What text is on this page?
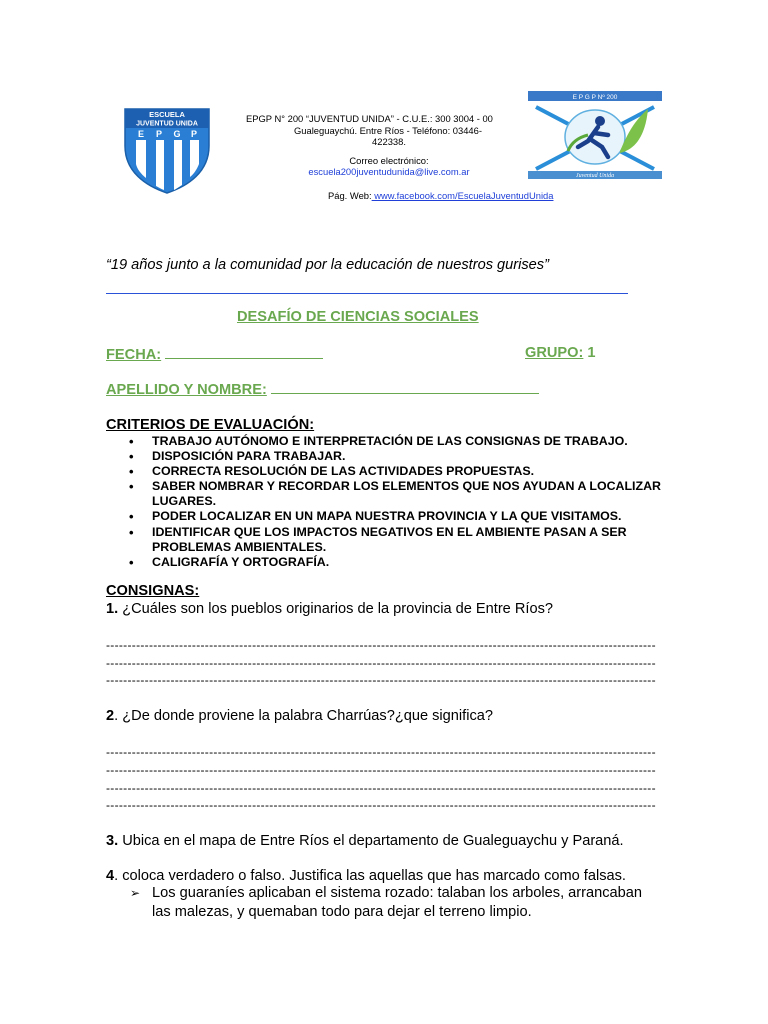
ESCUELA
JUVENTUD UNIDA
E P G P
EPGP N° 200 “JUVENTUD UNIDA” - C.U.E.: 300 3004 - 00
Gualeguaychú. Entre Ríos - Teléfono: 03446-
422338.
Correo electrónico:
escuela200juventudunida@live.com.ar
Pág. Web: www.facebook.com/EscuelaJuventudUnida
E P G P Nº 200
Juventud Unida
“19 años junto a la comunidad por la educación de nuestros gurises”
DESAFÍO DE CIENCIAS SOCIALES
FECHA:	GRUPO: 1
APELLIDO Y NOMBRE:
CRITERIOS DE EVALUACIÓN:
• TRABAJO AUTÓNOMO E INTERPRETACIÓN DE LAS CONSIGNAS DE TRABAJO.
• DISPOSICIÓN PARA TRABAJAR.
• CORRECTA RESOLUCIÓN DE LAS ACTIVIDADES PROPUESTAS.
• SABER NOMBRAR Y RECORDAR LOS ELEMENTOS QUE NOS AYUDAN A LOCALIZAR LUGARES.
• PODER LOCALIZAR EN UN MAPA NUESTRA PROVINCIA Y LA QUE VISITAMOS.
• IDENTIFICAR QUE LOS IMPACTOS NEGATIVOS EN EL AMBIENTE PASAN A SER PROBLEMAS AMBIENTALES.
• CALIGRAFÍA Y ORTOGRAFÍA.
CONSIGNAS:
1. ¿Cuáles son los pueblos originarios de la provincia de Entre Ríos?
--------------------------------------------------------------------------------------------------------------------------------
--------------------------------------------------------------------------------------------------------------------------------
--------------------------------------------------------------------------------------------------------------------------------
2. ¿De donde proviene la palabra Charrúas?¿que significa?
--------------------------------------------------------------------------------------------------------------------------------
--------------------------------------------------------------------------------------------------------------------------------
--------------------------------------------------------------------------------------------------------------------------------
--------------------------------------------------------------------------------------------------------------------------------
3. Ubica en el mapa de Entre Ríos el departamento de Gualeguaychu y Paraná.
4. coloca verdadero o falso. Justifica las aquellas que has marcado como falsas.
➢ Los guaraníes aplicaban el sistema rozado: talaban los arboles, arrancaban las malezas, y quemaban todo para dejar el terreno limpio.
